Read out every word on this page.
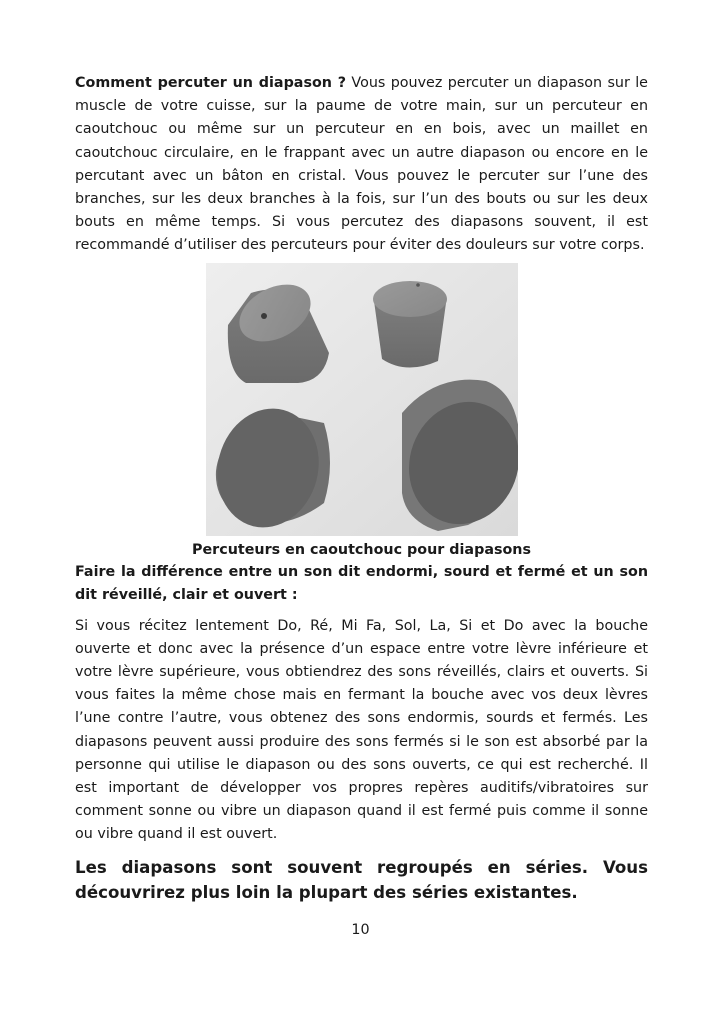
Comment percuter un diapason ? Vous pouvez percuter un diapason sur le muscle de votre cuisse, sur la paume de votre main, sur un percuteur en caoutchouc ou même sur un percuteur en en bois, avec un maillet en caoutchouc circulaire, en le frappant avec un autre diapason ou encore en le percutant avec un bâton en cristal. Vous pouvez le percuter sur l’une des branches, sur les deux branches à la fois, sur l’un des bouts ou sur les deux bouts en même temps. Si vous percutez des diapasons souvent, il est recommandé d’utiliser des percuteurs pour éviter des douleurs sur votre corps.

Percuteurs en caoutchouc pour diapasons

Faire la différence entre un son dit endormi, sourd et fermé et un son dit réveillé, clair et ouvert :

Si vous récitez lentement Do, Ré, Mi Fa, Sol, La, Si et Do avec la bouche ouverte et donc avec la présence d’un espace entre votre lèvre inférieure et votre lèvre supérieure, vous obtiendrez des sons réveillés, clairs et ouverts. Si vous faites la même chose mais en fermant la bouche avec vos deux lèvres l’une contre l’autre, vous obtenez des sons endormis, sourds et fermés. Les diapasons peuvent aussi produire des sons fermés si le son est absorbé par la personne qui utilise le diapason ou des sons ouverts, ce qui est recherché. Il est important de développer vos propres repères auditifs/vibratoires sur comment sonne ou vibre un diapason quand il est fermé puis comme il sonne ou vibre quand il est ouvert.

Les diapasons sont souvent regroupés en séries. Vous découvrirez plus loin la plupart des séries existantes.

10
